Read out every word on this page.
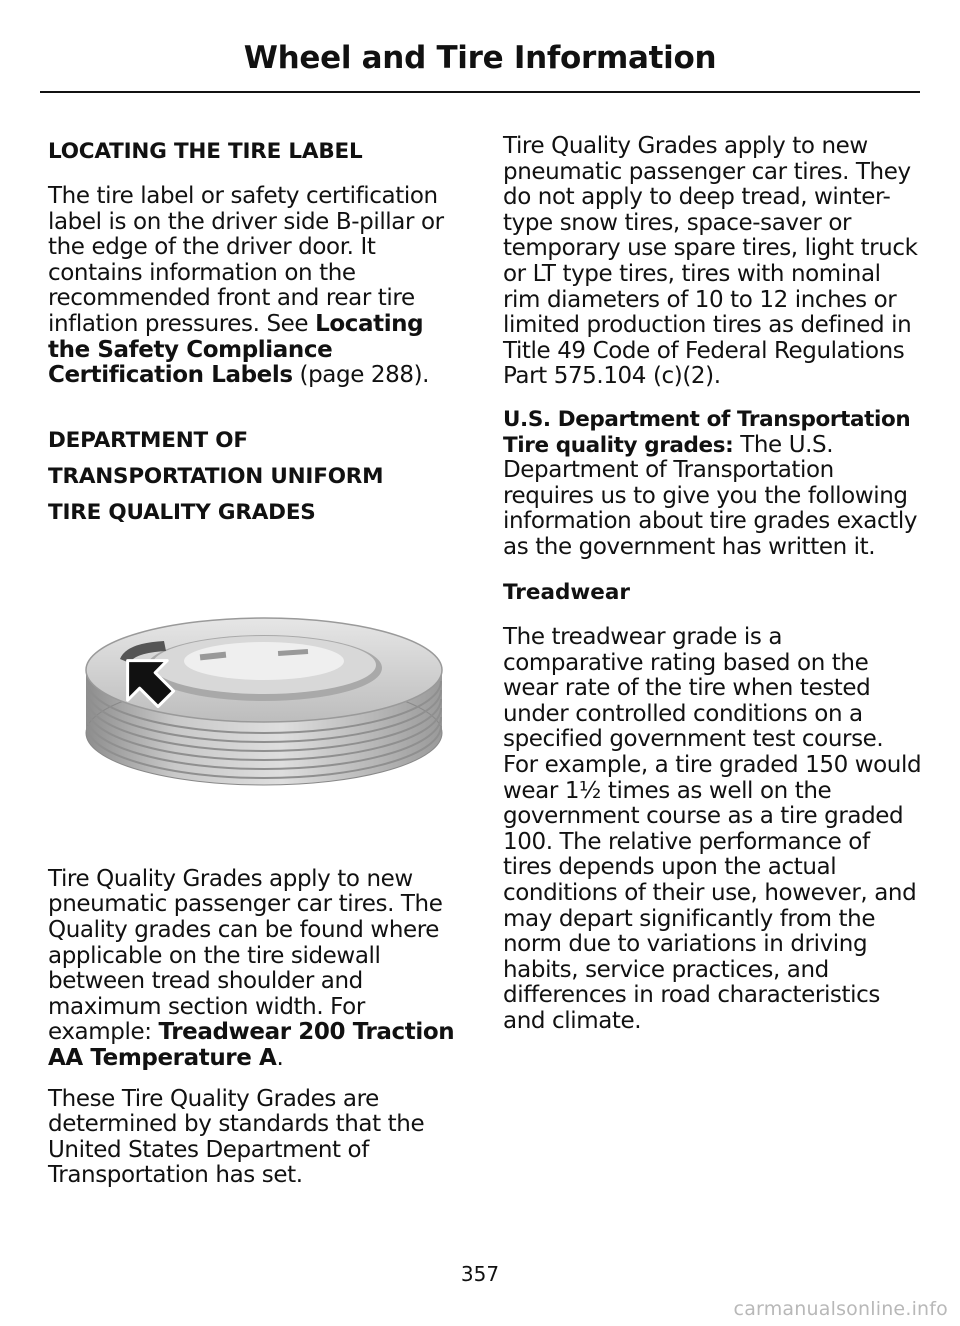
Wheel and Tire Information
LOCATING THE TIRE LABEL

The tire label or safety certification label is on the driver side B-pillar or the edge of the driver door. It contains information on the recommended front and rear tire inflation pressures. See Locating the Safety Compliance Certification Labels (page 288).

DEPARTMENT OF
TRANSPORTATION UNIFORM
TIRE QUALITY GRADES

Tire Quality Grades apply to new pneumatic passenger car tires. The Quality grades can be found where applicable on the tire sidewall between tread shoulder and maximum section width. For example: Treadwear 200 Traction AA Temperature A.

These Tire Quality Grades are determined by standards that the United States Department of Transportation has set.

Tire Quality Grades apply to new pneumatic passenger car tires. They do not apply to deep tread, winter-type snow tires, space-saver or temporary use spare tires, light truck or LT type tires, tires with nominal rim diameters of 10 to 12 inches or limited production tires as defined in Title 49 Code of Federal Regulations Part 575.104 (c)(2).

U.S. Department of Transportation Tire quality grades: The U.S. Department of Transportation requires us to give you the following information about tire grades exactly as the government has written it.

Treadwear

The treadwear grade is a comparative rating based on the wear rate of the tire when tested under controlled conditions on a specified government test course. For example, a tire graded 150 would wear 1½ times as well on the government course as a tire graded 100. The relative performance of tires depends upon the actual conditions of their use, however, and may depart significantly from the norm due to variations in driving habits, service practices, and differences in road characteristics and climate.

357
carmanualsonline.info
